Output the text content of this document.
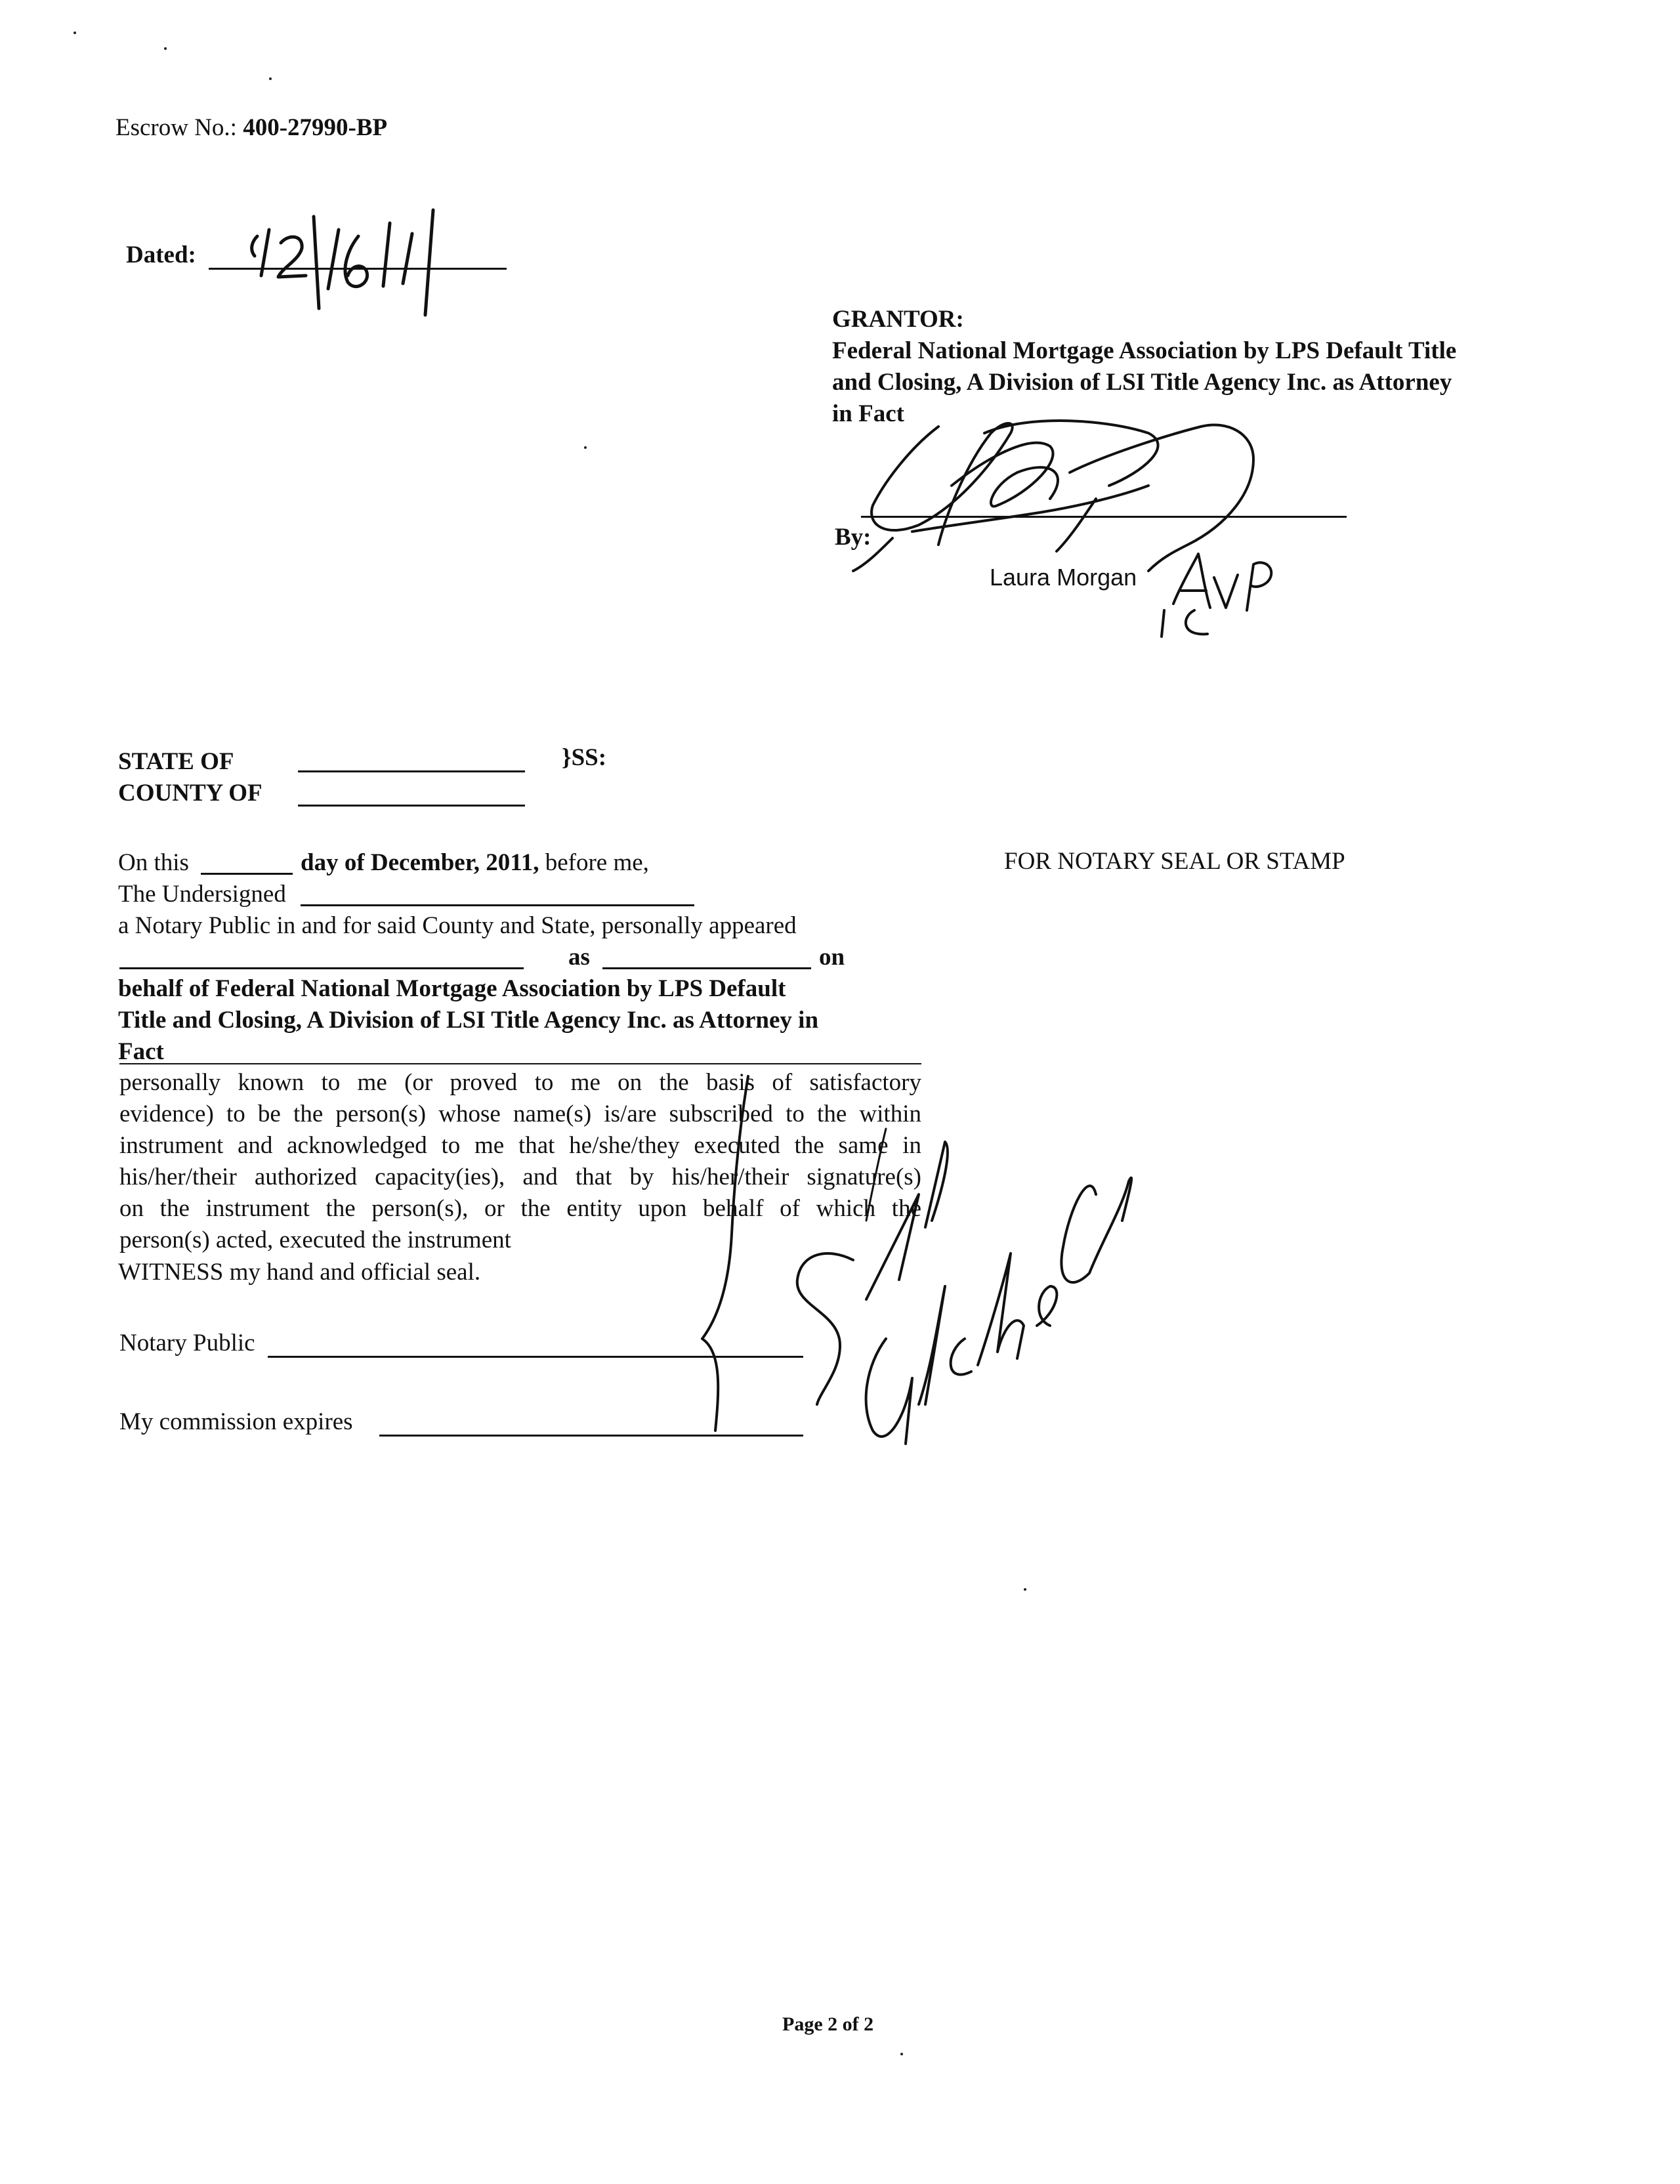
Escrow No.: 400-27990-BP
Dated:
GRANTOR:
Federal National Mortgage Association by LPS Default Title
and Closing, A Division of LSI Title Agency Inc. as Attorney
in Fact
By:
Laura Morgan
STATE OF	}SS:
COUNTY OF
On this	day of December, 2011, before me,	FOR NOTARY SEAL OR STAMP
The Undersigned
a Notary Public in and for said County and State, personally appeared
as	on
behalf of Federal National Mortgage Association by LPS Default
Title and Closing, A Division of LSI Title Agency Inc. as Attorney in
Fact
personally known to me (or proved to me on the basis of satisfactory
evidence) to be the person(s) whose name(s) is/are subscribed to the within
instrument and acknowledged to me that he/she/they executed the same in
his/her/their authorized capacity(ies), and that by his/her/their signature(s)
on the instrument the person(s), or the entity upon behalf of which the
person(s) acted, executed the instrument
WITNESS my hand and official seal.
Notary Public
My commission expires
Page 2 of 2
